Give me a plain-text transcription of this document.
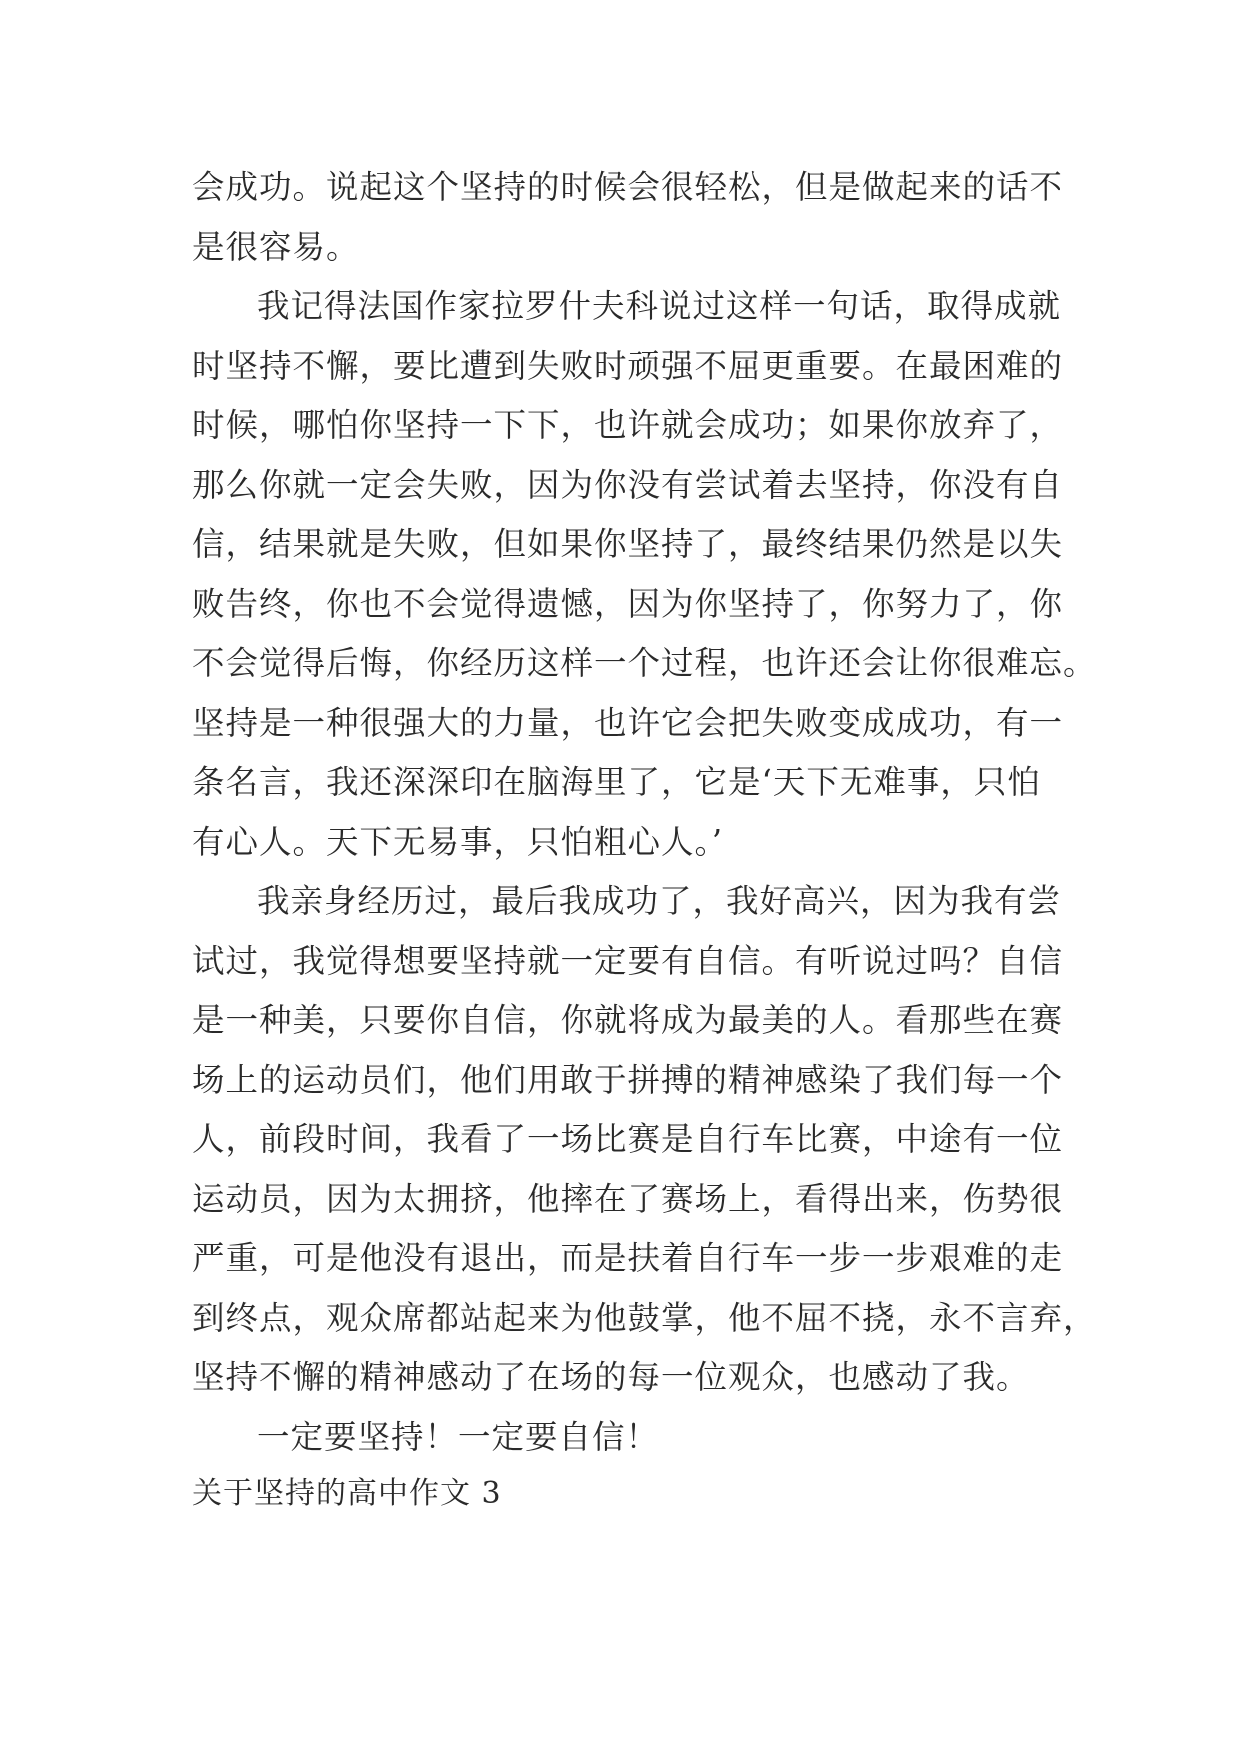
会成功。说起这个坚持的时候会很轻松，但是做起来的话不
是很容易。
我记得法国作家拉罗什夫科说过这样一句话，取得成就
时坚持不懈，要比遭到失败时顽强不屈更重要。在最困难的
时候，哪怕你坚持一下下，也许就会成功；如果你放弃了，
那么你就一定会失败，因为你没有尝试着去坚持，你没有自
信，结果就是失败，但如果你坚持了，最终结果仍然是以失
败告终，你也不会觉得遗憾，因为你坚持了，你努力了，你
不会觉得后悔，你经历这样一个过程，也许还会让你很难忘。
坚持是一种很强大的力量，也许它会把失败变成成功，有一
条名言，我还深深印在脑海里了，它是‘天下无难事，只怕
有心人。天下无易事，只怕粗心人。’
我亲身经历过，最后我成功了，我好高兴，因为我有尝
试过，我觉得想要坚持就一定要有自信。有听说过吗？自信
是一种美，只要你自信，你就将成为最美的人。看那些在赛
场上的运动员们，他们用敢于拼搏的精神感染了我们每一个
人，前段时间，我看了一场比赛是自行车比赛，中途有一位
运动员，因为太拥挤，他摔在了赛场上，看得出来，伤势很
严重，可是他没有退出，而是扶着自行车一步一步艰难的走
到终点，观众席都站起来为他鼓掌，他不屈不挠，永不言弃，
坚持不懈的精神感动了在场的每一位观众，也感动了我。
一定要坚持！一定要自信！
关于坚持的高中作文 3
